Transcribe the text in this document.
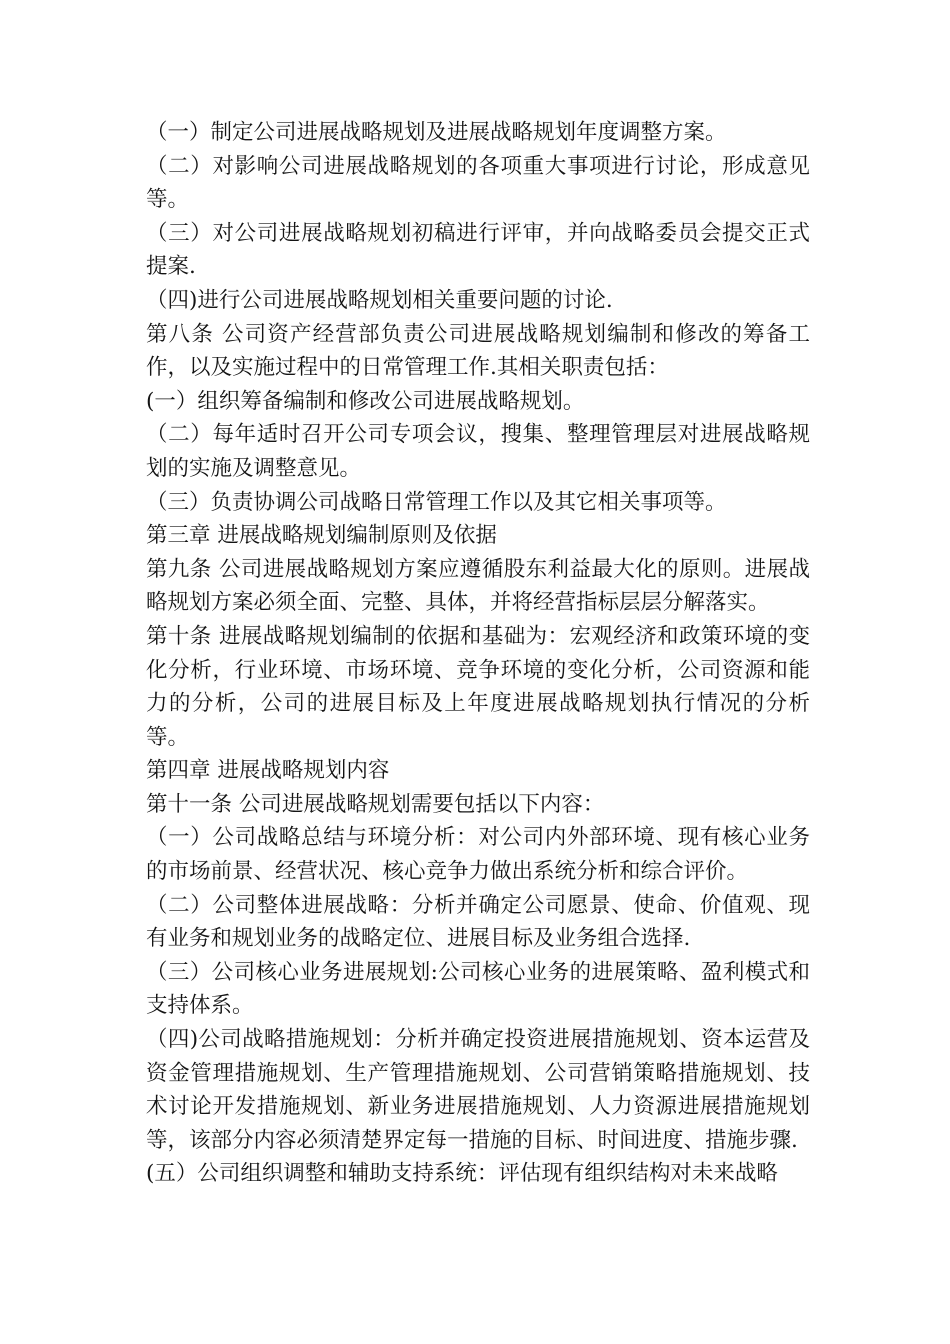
（一）制定公司进展战略规划及进展战略规划年度调整方案。

（二）对影响公司进展战略规划的各项重大事项进行讨论，形成意见等。

（三）对公司进展战略规划初稿进行评审，并向战略委员会提交正式提案.

（四)进行公司进展战略规划相关重要问题的讨论.

第八条 公司资产经营部负责公司进展战略规划编制和修改的筹备工作，以及实施过程中的日常管理工作.其相关职责包括：

(一）组织筹备编制和修改公司进展战略规划。

（二）每年适时召开公司专项会议，搜集、整理管理层对进展战略规划的实施及调整意见。

（三）负责协调公司战略日常管理工作以及其它相关事项等。

第三章 进展战略规划编制原则及依据

第九条 公司进展战略规划方案应遵循股东利益最大化的原则。进展战略规划方案必须全面、完整、具体，并将经营指标层层分解落实。

第十条 进展战略规划编制的依据和基础为：宏观经济和政策环境的变化分析，行业环境、市场环境、竞争环境的变化分析，公司资源和能力的分析，公司的进展目标及上年度进展战略规划执行情况的分析等。

第四章 进展战略规划内容

第十一条 公司进展战略规划需要包括以下内容：

（一）公司战略总结与环境分析：对公司内外部环境、现有核心业务的市场前景、经营状况、核心竞争力做出系统分析和综合评价。

（二）公司整体进展战略：分析并确定公司愿景、使命、价值观、现有业务和规划业务的战略定位、进展目标及业务组合选择.

（三）公司核心业务进展规划:公司核心业务的进展策略、盈利模式和支持体系。

（四)公司战略措施规划：分析并确定投资进展措施规划、资本运营及资金管理措施规划、生产管理措施规划、公司营销策略措施规划、技术讨论开发措施规划、新业务进展措施规划、人力资源进展措施规划等，该部分内容必须清楚界定每一措施的目标、时间进度、措施步骤.

(五）公司组织调整和辅助支持系统：评估现有组织结构对未来战略
